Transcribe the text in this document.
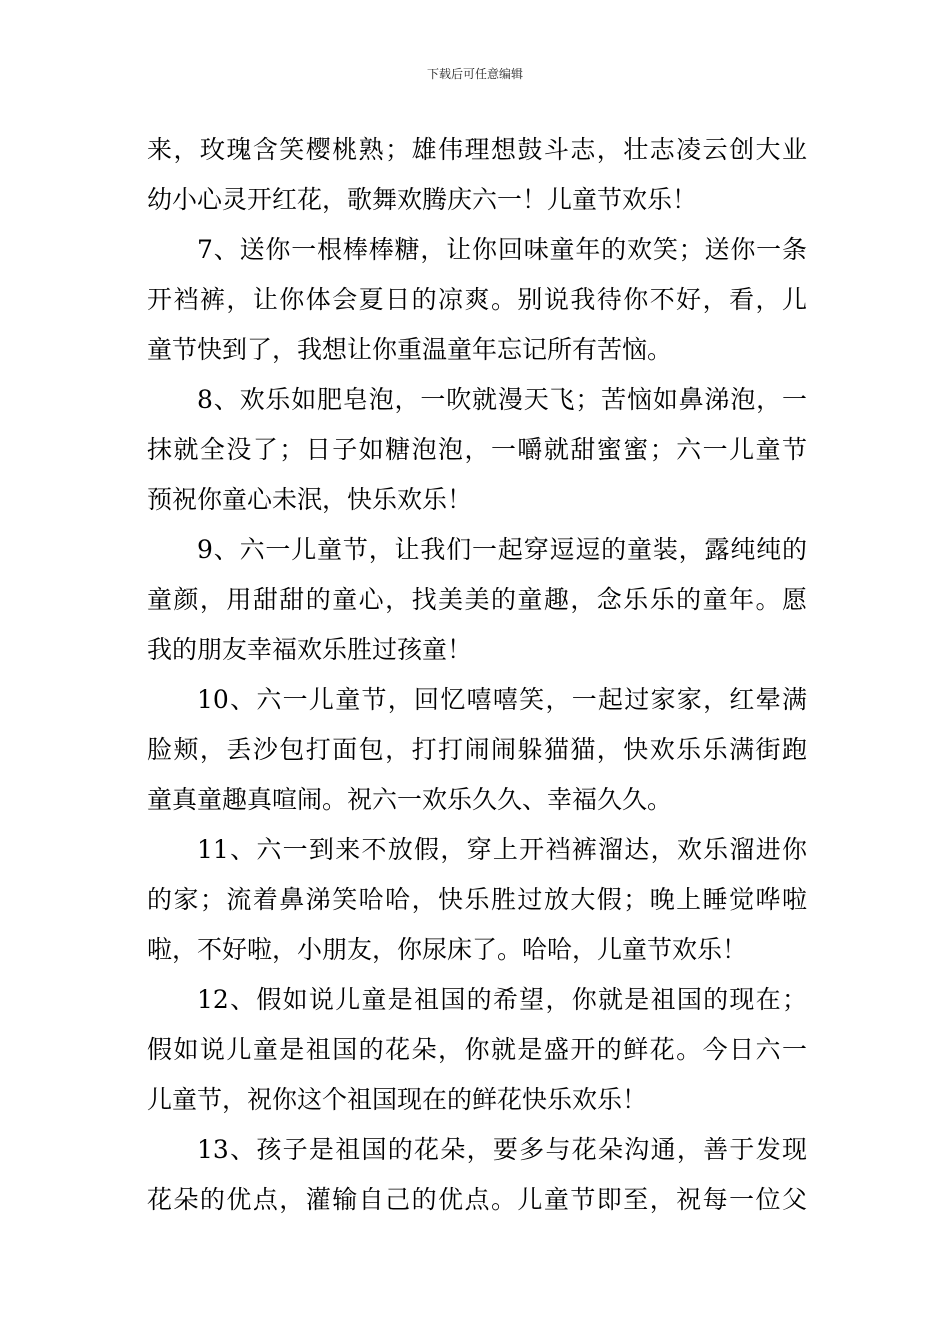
下载后可任意编辑
来，玫瑰含笑樱桃熟；雄伟理想鼓斗志，壮志凌云创大业
幼小心灵开红花，歌舞欢腾庆六一！儿童节欢乐！
7、送你一根棒棒糖，让你回味童年的欢笑；送你一条
开裆裤，让你体会夏日的凉爽。别说我待你不好，看，儿
童节快到了，我想让你重温童年忘记所有苦恼。
8、欢乐如肥皂泡，一吹就漫天飞；苦恼如鼻涕泡，一
抹就全没了；日子如糖泡泡，一嚼就甜蜜蜜；六一儿童节
预祝你童心未泯，快乐欢乐！
9、六一儿童节，让我们一起穿逗逗的童装，露纯纯的
童颜，用甜甜的童心，找美美的童趣，念乐乐的童年。愿
我的朋友幸福欢乐胜过孩童！
10、六一儿童节，回忆嘻嘻笑，一起过家家，红晕满
脸颊，丢沙包打面包，打打闹闹躲猫猫，快欢乐乐满街跑
童真童趣真喧闹。祝六一欢乐久久、幸福久久。
11、六一到来不放假，穿上开裆裤溜达，欢乐溜进你
的家；流着鼻涕笑哈哈，快乐胜过放大假；晚上睡觉哗啦
啦，不好啦，小朋友，你尿床了。哈哈，儿童节欢乐！
12、假如说儿童是祖国的希望，你就是祖国的现在；
假如说儿童是祖国的花朵，你就是盛开的鲜花。今日六一
儿童节，祝你这个祖国现在的鲜花快乐欢乐！
13、孩子是祖国的花朵，要多与花朵沟通，善于发现
花朵的优点，灌输自己的优点。儿童节即至，祝每一位父
